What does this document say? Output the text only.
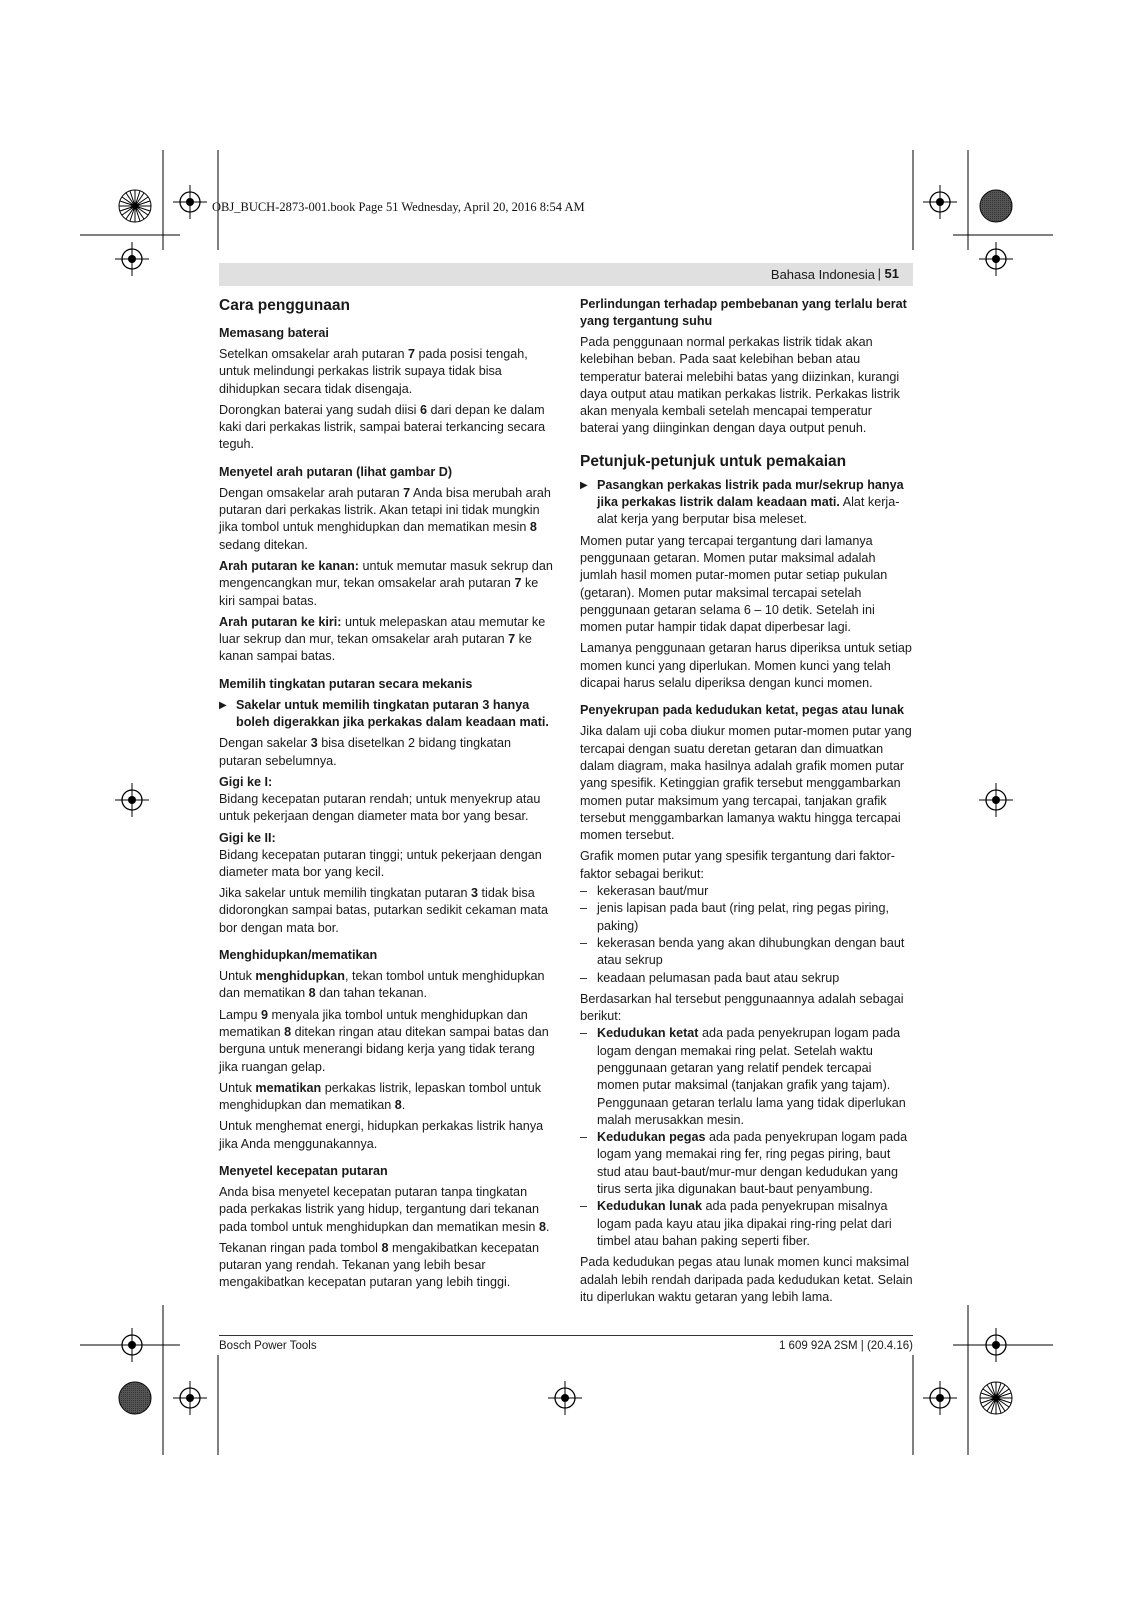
OBJ_BUCH-2873-001.book Page 51 Wednesday, April 20, 2016 8:54 AM
Bahasa Indonesia | 51
Cara penggunaan
Memasang baterai

Setelkan omsakelar arah putaran 7 pada posisi tengah, untuk melindungi perkakas listrik supaya tidak bisa dihidupkan secara tidak disengaja.

Dorongkan baterai yang sudah diisi 6 dari depan ke dalam kaki dari perkakas listrik, sampai baterai terkancing secara teguh.

Menyetel arah putaran (lihat gambar D)

Dengan omsakelar arah putaran 7 Anda bisa merubah arah putaran dari perkakas listrik. Akan tetapi ini tidak mungkin jika tombol untuk menghidupkan dan mematikan mesin 8 sedang ditekan.

Arah putaran ke kanan: untuk memutar masuk sekrup dan mengencangkan mur, tekan omsakelar arah putaran 7 ke kiri sampai batas.

Arah putaran ke kiri: untuk melepaskan atau memutar ke luar sekrup dan mur, tekan omsakelar arah putaran 7 ke kanan sampai batas.

Memilih tingkatan putaran secara mekanis
▶ Sakelar untuk memilih tingkatan putaran 3 hanya boleh digerakkan jika perkakas dalam keadaan mati.

Dengan sakelar 3 bisa disetelkan 2 bidang tingkatan putaran sebelumnya.

Gigi ke I:

Bidang kecepatan putaran rendah; untuk menyekrup atau untuk pekerjaan dengan diameter mata bor yang besar.

Gigi ke II:

Bidang kecepatan putaran tinggi; untuk pekerjaan dengan diameter mata bor yang kecil.

Jika sakelar untuk memilih tingkatan putaran 3 tidak bisa didorongkan sampai batas, putarkan sedikit cekaman mata bor dengan mata bor.

Menghidupkan/mematikan

Untuk menghidupkan, tekan tombol untuk menghidupkan dan mematikan 8 dan tahan tekanan.

Lampu 9 menyala jika tombol untuk menghidupkan dan mematikan 8 ditekan ringan atau ditekan sampai batas dan berguna untuk menerangi bidang kerja yang tidak terang jika ruangan gelap.

Untuk mematikan perkakas listrik, lepaskan tombol untuk menghidupkan dan mematikan 8.

Untuk menghemat energi, hidupkan perkakas listrik hanya jika Anda menggunakannya.

Menyetel kecepatan putaran

Anda bisa menyetel kecepatan putaran tanpa tingkatan pada perkakas listrik yang hidup, tergantung dari tekanan pada tombol untuk menghidupkan dan mematikan mesin 8.

Tekanan ringan pada tombol 8 mengakibatkan kecepatan putaran yang rendah. Tekanan yang lebih besar mengakibatkan kecepatan putaran yang lebih tinggi.

Perlindungan terhadap pembebanan yang terlalu berat yang tergantung suhu

Pada penggunaan normal perkakas listrik tidak akan kelebihan beban. Pada saat kelebihan beban atau temperatur baterai melebihi batas yang diizinkan, kurangi daya output atau matikan perkakas listrik. Perkakas listrik akan menyala kembali setelah mencapai temperatur baterai yang diinginkan dengan daya output penuh.

Petunjuk-petunjuk untuk pemakaian
▶ Pasangkan perkakas listrik pada mur/sekrup hanya jika perkakas listrik dalam keadaan mati. Alat kerja-alat kerja yang berputar bisa meleset.

Momen putar yang tercapai tergantung dari lamanya penggunaan getaran. Momen putar maksimal adalah jumlah hasil momen putar-momen putar setiap pukulan (getaran). Momen putar maksimal tercapai setelah penggunaan getaran selama 6 – 10 detik. Setelah ini momen putar hampir tidak dapat diperbesar lagi.

Lamanya penggunaan getaran harus diperiksa untuk setiap momen kunci yang diperlukan. Momen kunci yang telah dicapai harus selalu diperiksa dengan kunci momen.

Penyekrupan pada kedudukan ketat, pegas atau lunak

Jika dalam uji coba diukur momen putar-momen putar yang tercapai dengan suatu deretan getaran dan dimuatkan dalam diagram, maka hasilnya adalah grafik momen putar yang spesifik. Ketinggian grafik tersebut menggambarkan momen putar maksimum yang tercapai, tanjakan grafik tersebut menggambarkan lamanya waktu hingga tercapai momen tersebut.

Grafik momen putar yang spesifik tergantung dari faktor-faktor sebagai berikut:

– kekerasan baut/mur
– jenis lapisan pada baut (ring pelat, ring pegas piring, paking)
– kekerasan benda yang akan dihubungkan dengan baut atau sekrup
– keadaan pelumasan pada baut atau sekrup

Berdasarkan hal tersebut penggunaannya adalah sebagai berikut:

– Kedudukan ketat ada pada penyekrupan logam pada logam dengan memakai ring pelat. Setelah waktu penggunaan getaran yang relatif pendek tercapai momen putar maksimal (tanjakan grafik yang tajam). Penggunaan getaran terlalu lama yang tidak diperlukan malah merusakkan mesin.
– Kedudukan pegas ada pada penyekrupan logam pada logam yang memakai ring fer, ring pegas piring, baut stud atau baut-baut/mur-mur dengan kedudukan yang tirus serta jika digunakan baut-baut penyambung.
– Kedudukan lunak ada pada penyekrupan misalnya logam pada kayu atau jika dipakai ring-ring pelat dari timbel atau bahan paking seperti fiber.

Pada kedudukan pegas atau lunak momen kunci maksimal adalah lebih rendah daripada pada kedudukan ketat. Selain itu diperlukan waktu getaran yang lebih lama.

Bosch Power Tools	1 609 92A 2SM | (20.4.16)
